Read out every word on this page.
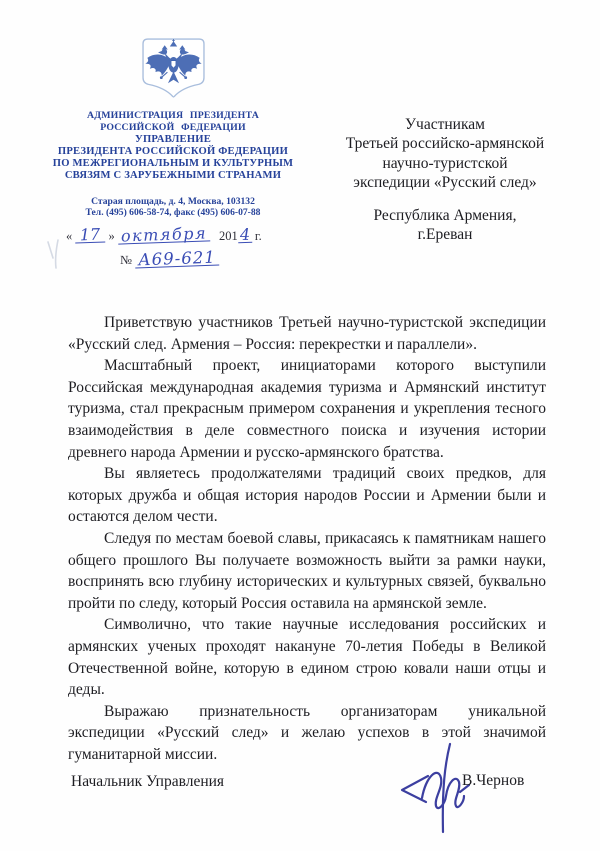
АДМИНИСТРАЦИЯ ПРЕЗИДЕНТА
РОССИЙСКОЙ ФЕДЕРАЦИИ
УПРАВЛЕНИЕ
ПРЕЗИДЕНТА РОССИЙСКОЙ ФЕДЕРАЦИИ
ПО МЕЖРЕГИОНАЛЬНЫМ И КУЛЬТУРНЫМ
СВЯЗЯМ С ЗАРУБЕЖНЫМИ СТРАНАМИ
Старая площадь, д. 4, Москва, 103132
Тел. (495) 606-58-74, факс (495) 606-07-88
« 17 » октября 2014 г.
№ А69-621
Участникам
Третьей российско-армянской
научно-туристской
экспедиции «Русский след»
Республика Армения,
г.Ереван

Приветствую участников Третьей научно-туристской экспедиции «Русский след. Армения – Россия: перекрестки и параллели».

Масштабный проект, инициаторами которого выступили Российская международная академия туризма и Армянский институт туризма, стал прекрасным примером сохранения и укрепления тесного взаимодействия в деле совместного поиска и изучения истории древнего народа Армении и русско-армянского братства.

Вы являетесь продолжателями традиций своих предков, для которых дружба и общая история народов России и Армении были и остаются делом чести.

Следуя по местам боевой славы, прикасаясь к памятникам нашего общего прошлого Вы получаете возможность выйти за рамки науки, воспринять всю глубину исторических и культурных связей, буквально пройти по следу, который Россия оставила на армянской земле.

Символично, что такие научные исследования российских и армянских ученых проходят накануне 70-летия Победы в Великой Отечественной войне, которую в едином строю ковали наши отцы и деды.

Выражаю признательность организаторам уникальной экспедиции «Русский след» и желаю успехов в этой значимой гуманитарной миссии.

Начальник Управления	В.Чернов
